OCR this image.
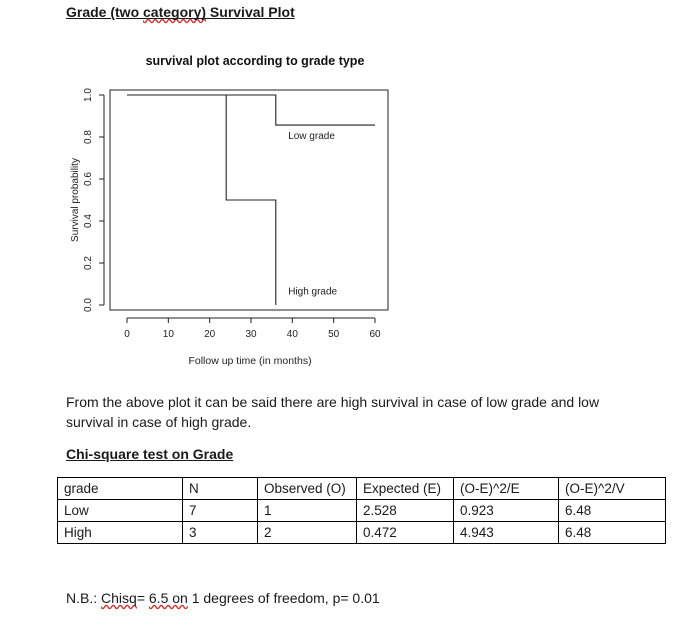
Grade (two category) Survival Plot
survival plot according to grade type
0	10	20	30	40	50	60
Follow up time (in months)
0.0
0.2
0.4
0.6
0.8
1.0
Survival probability
Low grade
High grade
From the above plot it can be said there are high survival in case of low grade and low survival in case of high grade.
Chi-square test on Grade
grade	N	Observed (O)	Expected (E)	(O-E)^2/E	(O-E)^2/V
Low	7	1	2.528	0.923	6.48
High	3	2	0.472	4.943	6.48
N.B.: Chisq= 6.5 on 1 degrees of freedom, p= 0.01
